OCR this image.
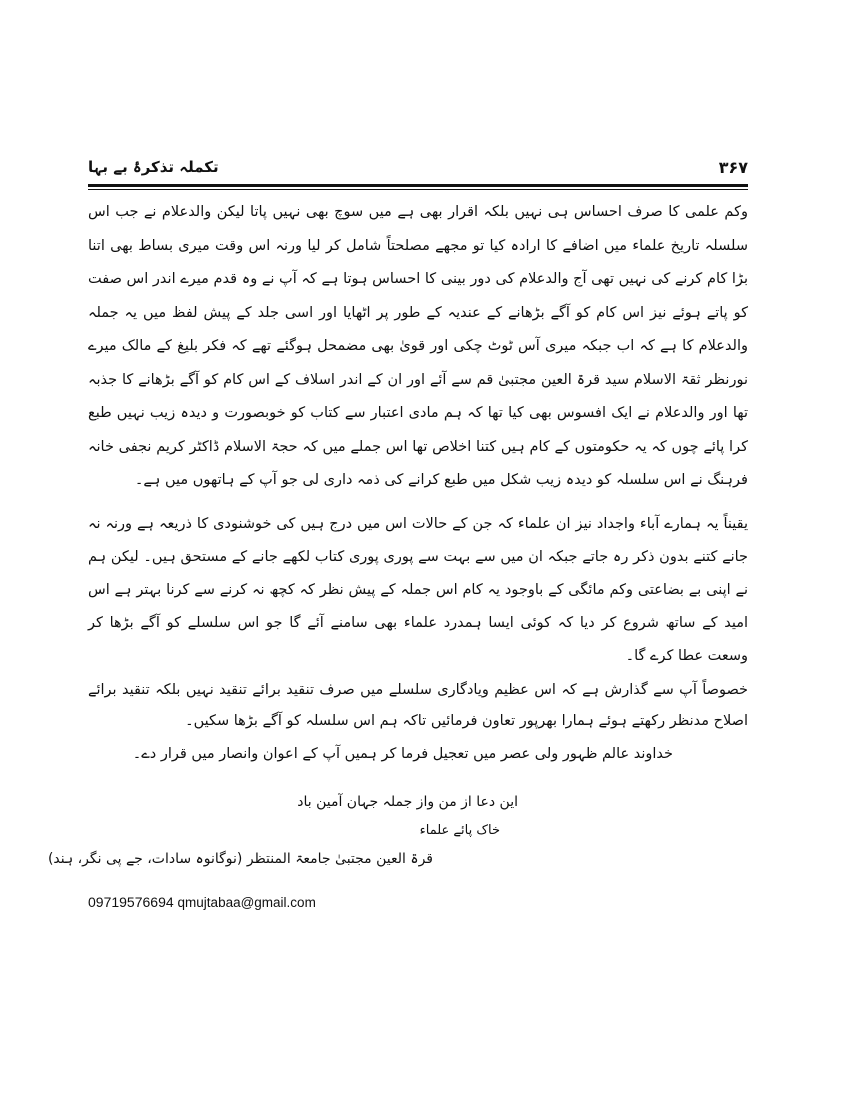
تکملہ تذکرۂ بے بہا	۳۶۷

وکم علمی کا صرف احساس ہی نہیں بلکہ اقرار بھی ہے میں سوچ بھی نہیں پاتا لیکن والدعلام نے جب اس سلسلہ تاریخ علماء میں اضافے کا ارادہ کیا تو مجھے مصلحتاً شامل کر لیا ورنہ اس وقت میری بساط بھی اتنا بڑا کام کرنے کی نہیں تھی آج والدعلام کی دور بینی کا احساس ہوتا ہے کہ آپ نے وہ قدم میرے اندر اس صفت کو پاتے ہوئے نیز اس کام کو آگے بڑھانے کے عندیہ کے طور پر اٹھایا اور اسی جلد کے پیش لفظ میں یہ جملہ والدعلام کا ہے کہ اب جبکہ میری آس ٹوٹ چکی اور قویٰ بھی مضمحل ہوگئے تھے کہ فکر بلیغ کے مالک میرے نورنظر ثقۃ الاسلام سید قرۃ العین مجتبیٰ قم سے آئے اور ان کے اندر اسلاف کے اس کام کو آگے بڑھانے کا جذبہ تھا اور والدعلام نے ایک افسوس بھی کیا تھا کہ ہم مادی اعتبار سے کتاب کو خوبصورت و دیدہ زیب نہیں طبع کرا پائے چوں کہ یہ حکومتوں کے کام ہیں کتنا اخلاص تھا اس جملے میں کہ حجۃ الاسلام ڈاکٹر کریم نجفی خانہ فرہنگ نے اس سلسلہ کو دیدہ زیب شکل میں طبع کرانے کی ذمہ داری لی جو آپ کے ہاتھوں میں ہے۔

یقیناً یہ ہمارے آباء واجداد نیز ان علماء کہ جن کے حالات اس میں درج ہیں کی خوشنودی کا ذریعہ ہے ورنہ نہ جانے کتنے بدون ذکر رہ جاتے جبکہ ان میں سے بہت سے پوری پوری کتاب لکھے جانے کے مستحق ہیں۔ لیکن ہم نے اپنی بے بضاعتی وکم مائگی کے باوجود یہ کام اس جملہ کے پیش نظر کہ کچھ نہ کرنے سے کرنا بہتر ہے اس امید کے ساتھ شروع کر دیا کہ کوئی ایسا ہمدرد علماء بھی سامنے آئے گا جو اس سلسلے کو آگے بڑھا کر وسعت عطا کرے گا۔

خصوصاً آپ سے گذارش ہے کہ اس عظیم ویادگاری سلسلے میں صرف تنقید برائے تنقید نہیں بلکہ تنقید برائے اصلاح مدنظر رکھتے ہوئے ہمارا بھرپور تعاون فرمائیں تاکہ ہم اس سلسلہ کو آگے بڑھا سکیں۔

خداوند عالم ظہور ولی عصر میں تعجیل فرما کر ہمیں آپ کے اعوان وانصار میں قرار دے۔

این دعا از من واز جملہ جہان آمین باد
خاک پائے علماء
قرۃ العین مجتبیٰ جامعۃ المنتظر (نوگانوہ سادات، جے پی نگر، ہند)
09719576694 qmujtabaa@gmail.com
